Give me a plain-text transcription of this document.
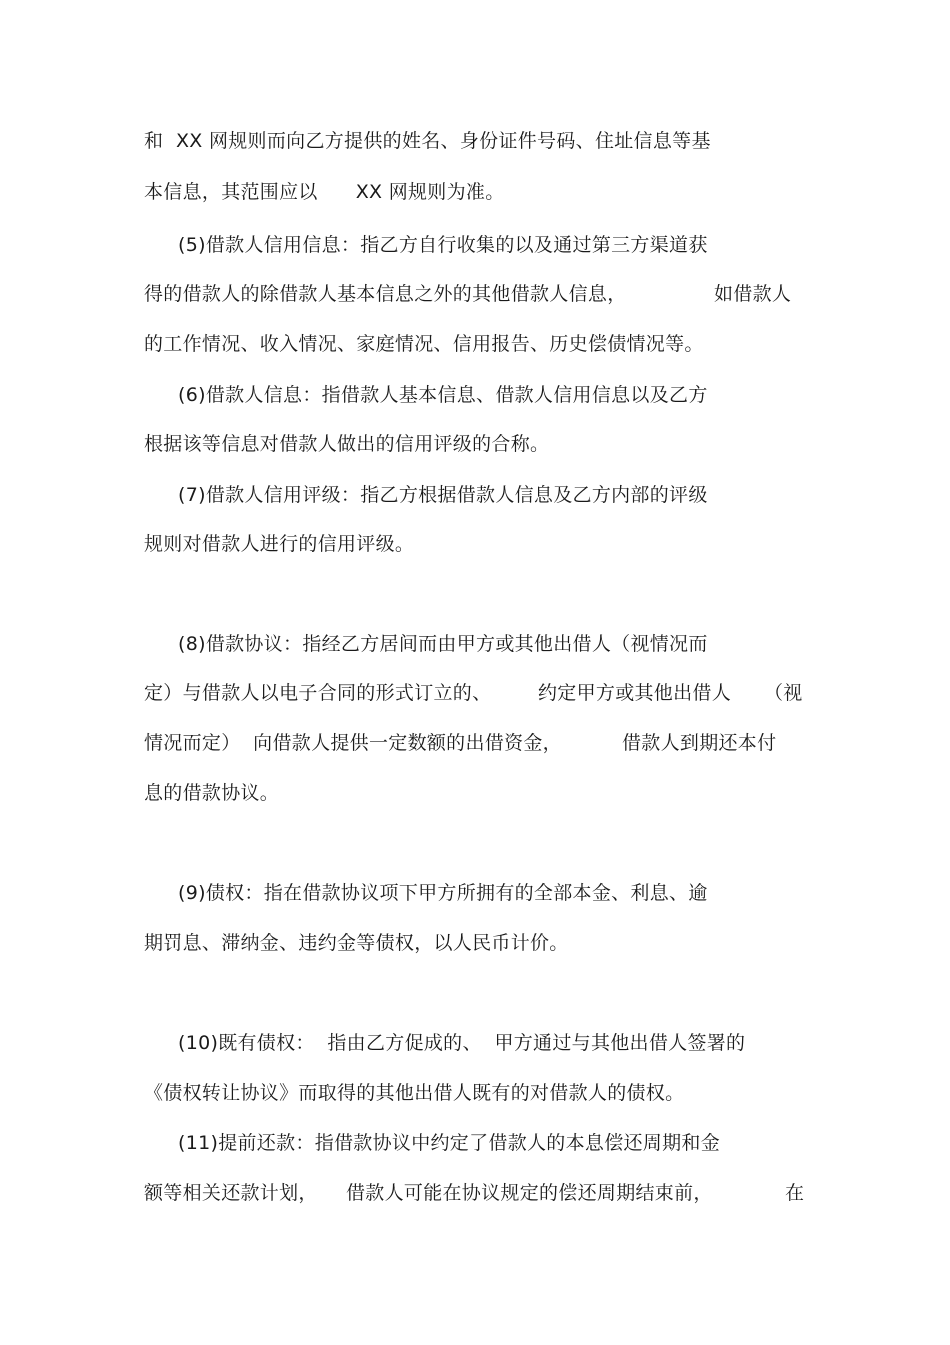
和  XX 网规则而向乙方提供的姓名、身份证件号码、住址信息等基
本信息，其范围应以      XX 网规则为准。
(5)借款人信用信息：指乙方自行收集的以及通过第三方渠道获
得的借款人的除借款人基本信息之外的其他借款人信息，	如借款人
的工作情况、收入情况、家庭情况、信用报告、历史偿债情况等。
(6)借款人信息：指借款人基本信息、借款人信用信息以及乙方
根据该等信息对借款人做出的信用评级的合称。
(7)借款人信用评级：指乙方根据借款人信息及乙方内部的评级
规则对借款人进行的信用评级。
(8)借款协议：指经乙方居间而由甲方或其他出借人（视情况而
定）与借款人以电子合同的形式订立的、 约定甲方或其他出借人 （视
情况而定）  向借款人提供一定数额的出借资金，	借款人到期还本付
息的借款协议。
(9)债权：指在借款协议项下甲方所拥有的全部本金、利息、逾
期罚息、滞纳金、违约金等债权，以人民币计价。
(10)既有债权：  指由乙方促成的、  甲方通过与其他出借人签署的
《债权转让协议》而取得的其他出借人既有的对借款人的债权。
(11)提前还款：指借款协议中约定了借款人的本息偿还周期和金
额等相关还款计划， 借款人可能在协议规定的偿还周期结束前，	在
